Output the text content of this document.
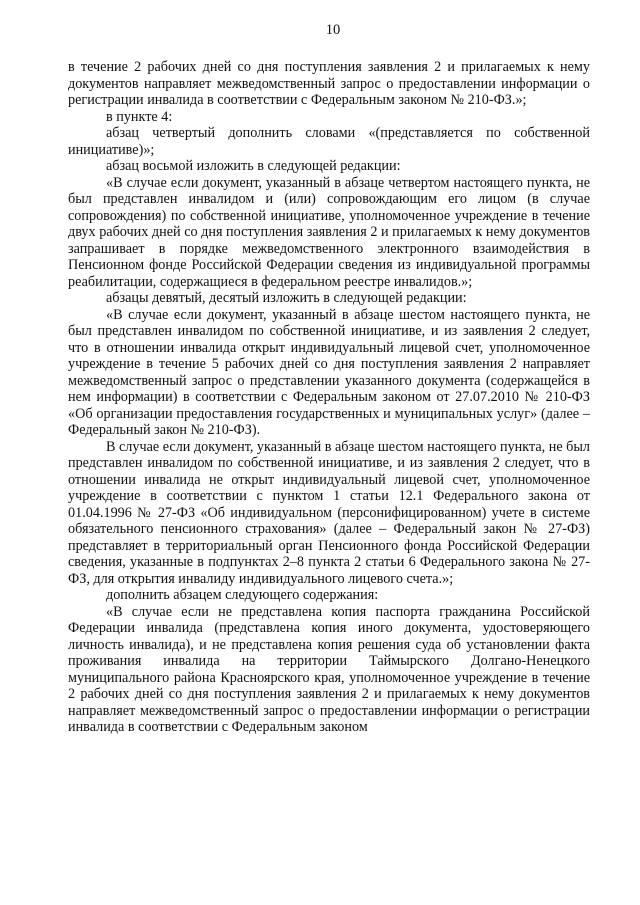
10

в течение 2 рабочих дней со дня поступления заявления 2 и прилагаемых к нему документов направляет межведомственный запрос о предоставлении информации о регистрации инвалида в соответствии с Федеральным законом № 210-ФЗ.»;

в пункте 4:

абзац четвертый дополнить словами «(представляется по собственной инициативе)»;

абзац восьмой изложить в следующей редакции:

«В случае если документ, указанный в абзаце четвертом настоящего пункта, не был представлен инвалидом и (или) сопровождающим его лицом (в случае сопровождения) по собственной инициативе, уполномоченное учреждение в течение двух рабочих дней со дня поступления заявления 2 и прилагаемых к нему документов запрашивает в порядке межведомственного электронного взаимодействия в Пенсионном фонде Российской Федерации сведения из индивидуальной программы реабилитации, содержащиеся в федеральном реестре инвалидов.»;

абзацы девятый, десятый изложить в следующей редакции:

«В случае если документ, указанный в абзаце шестом настоящего пункта, не был представлен инвалидом по собственной инициативе, и из заявления 2 следует, что в отношении инвалида открыт индивидуальный лицевой счет, уполномоченное учреждение в течение 5 рабочих дней со дня поступления заявления 2 направляет межведомственный запрос о представлении указанного документа (содержащейся в нем информации) в соответствии с Федеральным законом от 27.07.2010 № 210-ФЗ «Об организации предоставления государственных и муниципальных услуг» (далее – Федеральный закон № 210-ФЗ).

В случае если документ, указанный в абзаце шестом настоящего пункта, не был представлен инвалидом по собственной инициативе, и из заявления 2 следует, что в отношении инвалида не открыт индивидуальный лицевой счет, уполномоченное учреждение в соответствии с пунктом 1 статьи 12.1 Федерального закона от 01.04.1996 № 27-ФЗ «Об индивидуальном (персонифицированном) учете в системе обязательного пенсионного страхования» (далее – Федеральный закон № 27-ФЗ) представляет в территориальный орган Пенсионного фонда Российской Федерации сведения, указанные в подпунктах 2–8 пункта 2 статьи 6 Федерального закона № 27-ФЗ, для открытия инвалиду индивидуального лицевого счета.»;

дополнить абзацем следующего содержания:

«В случае если не представлена копия паспорта гражданина Российской Федерации инвалида (представлена копия иного документа, удостоверяющего личность инвалида), и не представлена копия решения суда об установлении факта проживания инвалида на территории Таймырского Долгано-Ненецкого муниципального района Красноярского края, уполномоченное учреждение в течение 2 рабочих дней со дня поступления заявления 2 и прилагаемых к нему документов направляет межведомственный запрос о предоставлении информации о регистрации инвалида в соответствии с Федеральным законом
